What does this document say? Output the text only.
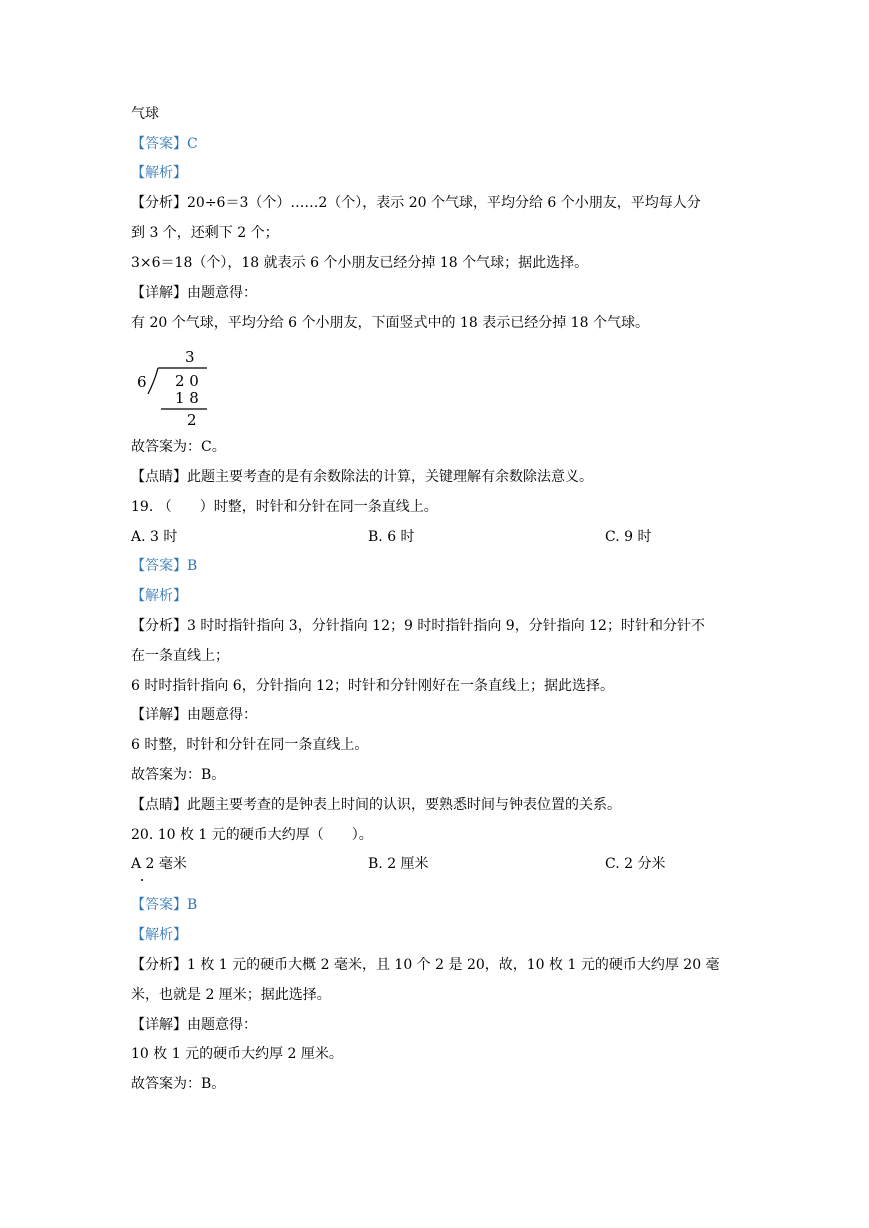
气球
【答案】C
【解析】
【分析】20÷6＝3（个）……2（个），表示 20 个气球，平均分给 6 个小朋友，平均每人分
到 3 个，还剩下 2 个；
3×6＝18（个），18 就表示 6 个小朋友已经分掉 18 个气球；据此选择。
【详解】由题意得：
有 20 个气球，平均分给 6 个小朋友，下面竖式中的 18 表示已经分掉 18 个气球。
3
6 2 0
1 8
2
故答案为：C。
【点睛】此题主要考查的是有余数除法的计算，关键理解有余数除法意义。
19. （　　）时整，时针和分针在同一条直线上。
A. 3 时	B. 6 时	C. 9 时
【答案】B
【解析】
【分析】3 时时指针指向 3，分针指向 12；9 时时指针指向 9，分针指向 12；时针和分针不
在一条直线上；
6 时时指针指向 6，分针指向 12；时针和分针刚好在一条直线上；据此选择。
【详解】由题意得：
6 时整，时针和分针在同一条直线上。
故答案为：B。
【点睛】此题主要考查的是钟表上时间的认识，要熟悉时间与钟表位置的关系。
20. 10 枚 1 元的硬币大约厚（　　）。
A 2 毫米	B. 2 厘米	C. 2 分米
【答案】B
【解析】
【分析】1 枚 1 元的硬币大概 2 毫米，且 10 个 2 是 20，故，10 枚 1 元的硬币大约厚 20 毫
米，也就是 2 厘米；据此选择。
【详解】由题意得：
10 枚 1 元的硬币大约厚 2 厘米。
故答案为：B。
